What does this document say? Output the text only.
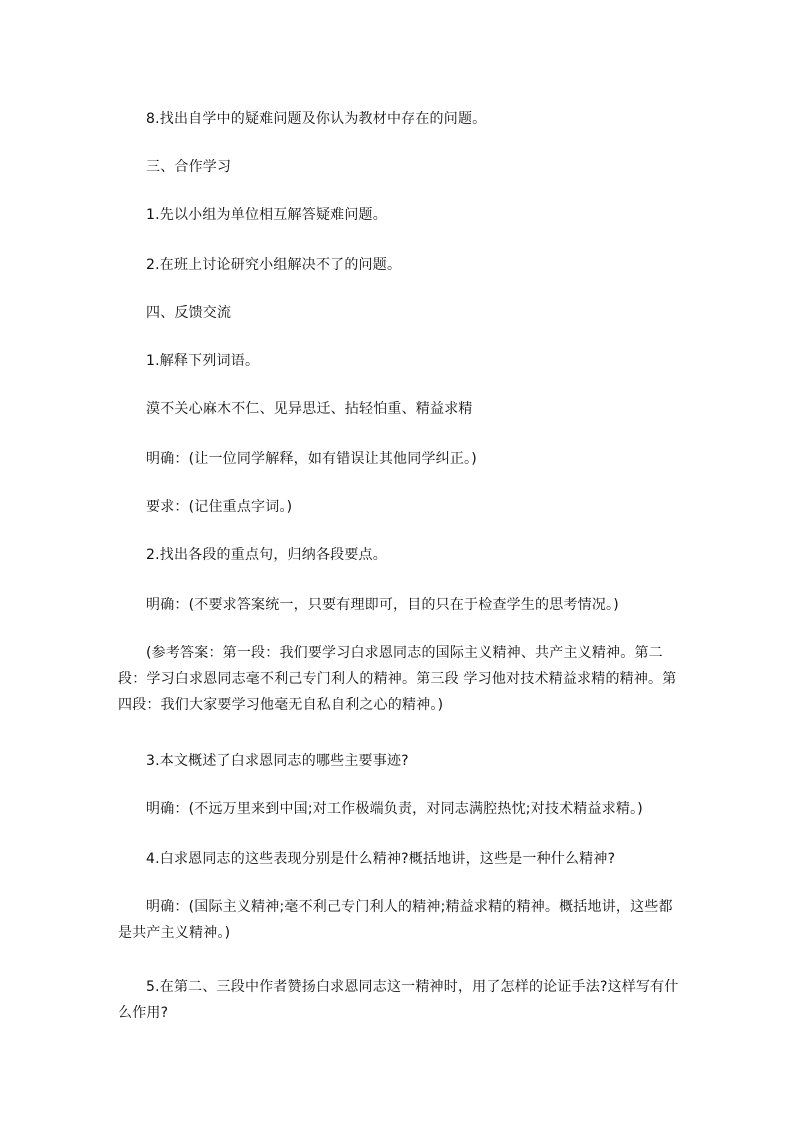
8.找出自学中的疑难问题及你认为教材中存在的问题。
三、合作学习
1.先以小组为单位相互解答疑难问题。
2.在班上讨论研究小组解决不了的问题。
四、反馈交流
1.解释下列词语。
漠不关心麻木不仁、见异思迁、拈轻怕重、精益求精
明确：(让一位同学解释，如有错误让其他同学纠正。)
要求：(记住重点字词。)
2.找出各段的重点句，归纳各段要点。
明确：(不要求答案统一，只要有理即可，目的只在于检查学生的思考情况。)
(参考答案：第一段：我们要学习白求恩同志的国际主义精神、共产主义精神。第二段：学习白求恩同志毫不利己专门利人的精神。第三段 学习他对技术精益求精的精神。第四段：我们大家要学习他毫无自私自利之心的精神。)
3.本文概述了白求恩同志的哪些主要事迹?
明确：(不远万里来到中国;对工作极端负责，对同志满腔热忱;对技术精益求精。)
4.白求恩同志的这些表现分别是什么精神?概括地讲，这些是一种什么精神?
明确：(国际主义精神;毫不利己专门利人的精神;精益求精的精神。概括地讲，这些都是共产主义精神。)
5.在第二、三段中作者赞扬白求恩同志这一精神时，用了怎样的论证手法?这样写有什么作用?
